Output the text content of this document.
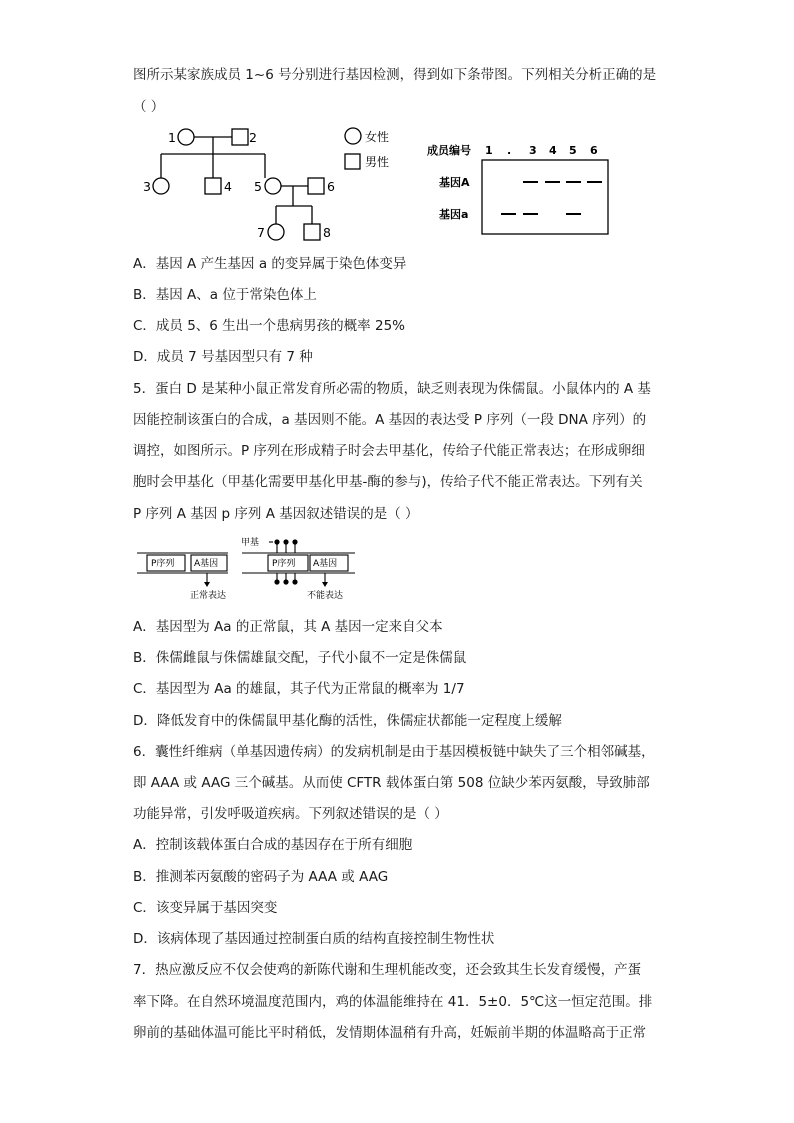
图所示某家族成员 1~6 号分别进行基因检测，得到如下条带图。下列相关分析正确的是
（ ）
1	2
3	4 5	6
7	8
女性
男性
成员编号 1 . 3 4 5 6
基因A
基因a
A．基因 A 产生基因 a 的变异属于染色体变异
B．基因 A、a 位于常染色体上
C．成员 5、6 生出一个患病男孩的概率 25%
D．成员 7 号基因型只有 7 种
5．蛋白 D 是某种小鼠正常发育所必需的物质，缺乏则表现为侏儒鼠。小鼠体内的 A 基
因能控制该蛋白的合成，a 基因则不能。A 基因的表达受 P 序列（一段 DNA 序列）的
调控，如图所示。P 序列在形成精子时会去甲基化，传给子代能正常表达；在形成卵细
胞时会甲基化（甲基化需要甲基化甲基-酶的参与)，传给子代不能正常表达。下列有关
P 序列 A 基因 p 序列 A 基因叙述错误的是（ ）
P序列 A基因	P序列 A基因
甲基
正常表达	不能表达
A．基因型为 Aa 的正常鼠，其 A 基因一定来自父本
B．侏儒雌鼠与侏儒雄鼠交配，子代小鼠不一定是侏儒鼠
C．基因型为 Aa 的雄鼠，其子代为正常鼠的概率为 1/7
D．降低发育中的侏儒鼠甲基化酶的活性，侏儒症状都能一定程度上缓解
6．囊性纤维病（单基因遗传病）的发病机制是由于基因模板链中缺失了三个相邻碱基，
即 AAA 或 AAG 三个碱基。从而使 CFTR 载体蛋白第 508 位缺少苯丙氨酸，导致肺部
功能异常，引发呼吸道疾病。下列叙述错误的是（ ）
A．控制该载体蛋白合成的基因存在于所有细胞
B．推测苯丙氨酸的密码子为 AAA 或 AAG
C．该变异属于基因突变
D．该病体现了基因通过控制蛋白质的结构直接控制生物性状
7．热应激反应不仅会使鸡的新陈代谢和生理机能改变，还会致其生长发育缓慢，产蛋
率下降。在自然环境温度范围内，鸡的体温能维持在 41．5±0．5℃这一恒定范围。排
卵前的基础体温可能比平时稍低，发情期体温稍有升高，妊娠前半期的体温略高于正常
